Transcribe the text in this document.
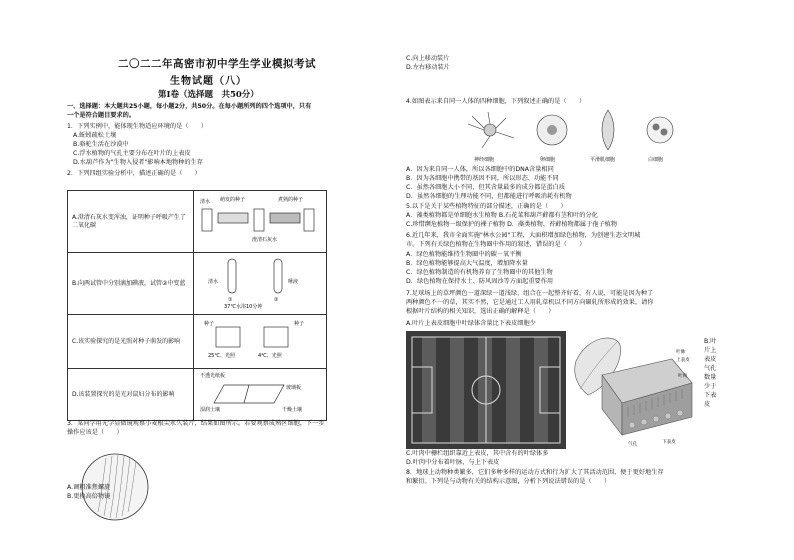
二〇二二年高密市初中学生学业模拟考试
生物试题（八）
第Ⅰ卷（选择题　共50分）
一、选择题：本大题共25小题，每小题2分，共50分。在每小题所列的四个选项中，只有
一个是符合题目要求的。
1．下列实例中，能体现生物适应环境的是（　　）
A.蚯蚓疏松土壤
B.骆驼生活在沙漠中
C.浮水植物的气孔主要分布在叶片的上表皮
D.水葫芦作为"生物入侵者"影响本地物种的生存
2．下列四组实验分析中，描述正确的是（　　）
A.澄清石灰水变浑浊，证明种子呼吸产生了二氧化碳	清水 萌发的种子
澄清石灰水
煮熟的种子

B.向两试管中分别滴加碘液，试管②中变蓝	清水 唾液
① ②
37℃水浴10分钟

C.该实验探究的是光照对种子萌发的影响	种子 种子
25℃、光照 4℃、光照

D.该装置探究的是光对鼠妇分布的影响	不透光纸板
湿润土壤
玻璃板
干燥土壤
3．某同学用光学显微镜观察小麦根尖永久装片，结果如图所示。若要观察成熟区细胞，下一步
操作应该是（　　）
A.调粗准焦螺旋
B.更换高倍物镜
C.向上移动装片
D.左右移动装片
4.如图表示来自同一人体的四种细胞，下列叙述正确的是（　　）
神经细胞	卵细胞	平滑肌细胞	白细胞
A．因为来自同一人体，所以各细胞中的DNA含量相同
B．因为各细胞中携带的基因不同，所以形态、功能不同
C．虽然各细胞大小不同，但其含量最多的成分都是蛋白质
D．虽然各细胞的生理功能不同，但都能进行呼吸消耗有机物
5.以下是关于某些植物特征的部分描述，正确的是（　　）
A．藻类植物都是单细胞水生植物 B.石花菜和葫芦藓都有茎和叶的分化
C.珍惜濒危植物一级保护的裸子植物 D．藻类植物、苔藓植物都属于孢子植物
6.近几年来，我市全面实施"林水公园"工程，大面积增加绿色植物，为创建生态文明城
市。下列有关绿色植物在生物圈中作用的叙述，错误的是（　　）
A．绿色植物能维持生物圈中的碳－氧平衡
B．绿色植物能够提高大气温度，增加降水量
C．绿色植物制造的有机物养育了生物圈中的其他生物
D．绿色植物在保持水土、防风固沙等方面起重要作用
7.足球场上的草坪颜色一道深绿一道浅绿，组合在一起整齐好看，有人说，可能是因为种了
两种颜色不一的草，其实不然，它是通过工人用轧草机以不同方向碾轧所形成的效果。请你
根据叶片结构的相关知识，选出正确的解释是（　　）
A.叶片上表皮细胞中叶绿体含量比下表皮细胞少
叶脉
上表皮
叶肉
下表皮
气孔
B.叶
片上
表皮
气孔
数量
少于
下表
皮
C.叶肉中栅栏组织靠近上表皮，其中含有的叶绿体多
D.叶肉中分布着叶脉，与上下表皮
8．地球上动物种类繁多，它们多种多样的运动方式和行为扩大了其活动范围，便于更好地生存
和繁衍。下列是与动物有关的结构示意图，分析下列说法错误的是（　　）
